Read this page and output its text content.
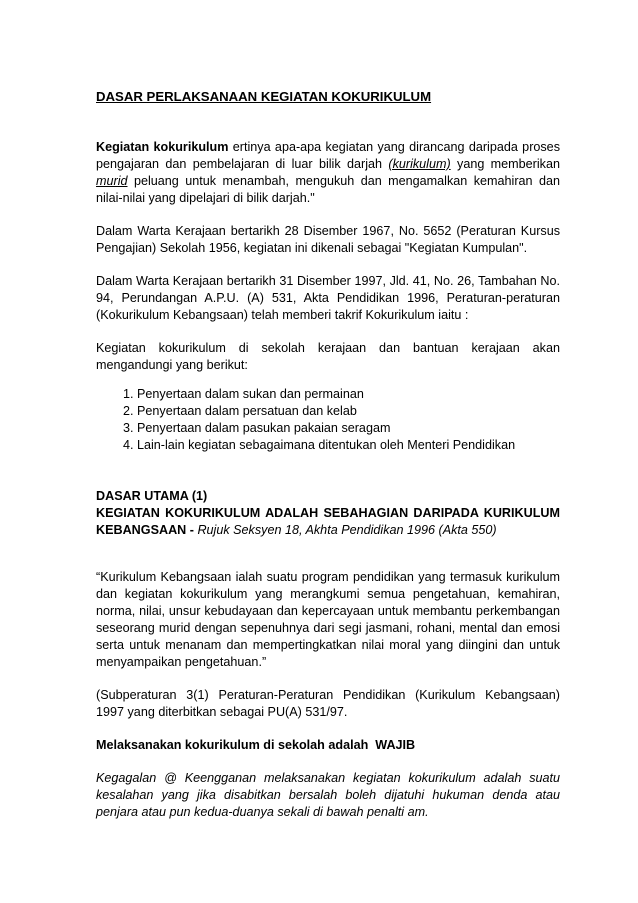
DASAR PERLAKSANAAN KEGIATAN KOKURIKULUM

Kegiatan kokurikulum ertinya apa-apa kegiatan yang dirancang daripada proses pengajaran dan pembelajaran di luar bilik darjah (kurikulum) yang memberikan murid peluang untuk menambah, mengukuh dan mengamalkan kemahiran dan nilai-nilai yang dipelajari di bilik darjah."

Dalam Warta Kerajaan bertarikh 28 Disember 1967, No. 5652 (Peraturan Kursus Pengajian) Sekolah 1956, kegiatan ini dikenali sebagai "Kegiatan Kumpulan".

Dalam Warta Kerajaan bertarikh 31 Disember 1997, Jld. 41, No. 26, Tambahan No. 94, Perundangan A.P.U. (A) 531, Akta Pendidikan 1996, Peraturan-peraturan (Kokurikulum Kebangsaan) telah memberi takrif Kokurikulum iaitu :

Kegiatan kokurikulum di sekolah kerajaan dan bantuan kerajaan akan mengandungi yang berikut:

1. Penyertaan dalam sukan dan permainan
2. Penyertaan dalam persatuan dan kelab
3. Penyertaan dalam pasukan pakaian seragam
4. Lain-lain kegiatan sebagaimana ditentukan oleh Menteri Pendidikan

DASAR UTAMA (1)

KEGIATAN KOKURIKULUM ADALAH SEBAHAGIAN DARIPADA KURIKULUM KEBANGSAAN - Rujuk Seksyen 18, Akhta Pendidikan 1996 (Akta 550)

“Kurikulum Kebangsaan ialah suatu program pendidikan yang termasuk kurikulum dan kegiatan kokurikulum yang merangkumi semua pengetahuan, kemahiran, norma, nilai, unsur kebudayaan dan kepercayaan untuk membantu perkembangan seseorang murid dengan sepenuhnya dari segi jasmani, rohani, mental dan emosi serta untuk menanam dan mempertingkatkan nilai moral yang diingini dan untuk menyampaikan pengetahuan.”

(Subperaturan 3(1) Peraturan-Peraturan Pendidikan (Kurikulum Kebangsaan) 1997 yang diterbitkan sebagai PU(A) 531/97.

Melaksanakan kokurikulum di sekolah adalah  WAJIB

Kegagalan @ Keengganan melaksanakan kegiatan kokurikulum adalah suatu kesalahan yang jika disabitkan bersalah boleh dijatuhi hukuman denda atau penjara atau pun kedua-duanya sekali di bawah penalti am.
